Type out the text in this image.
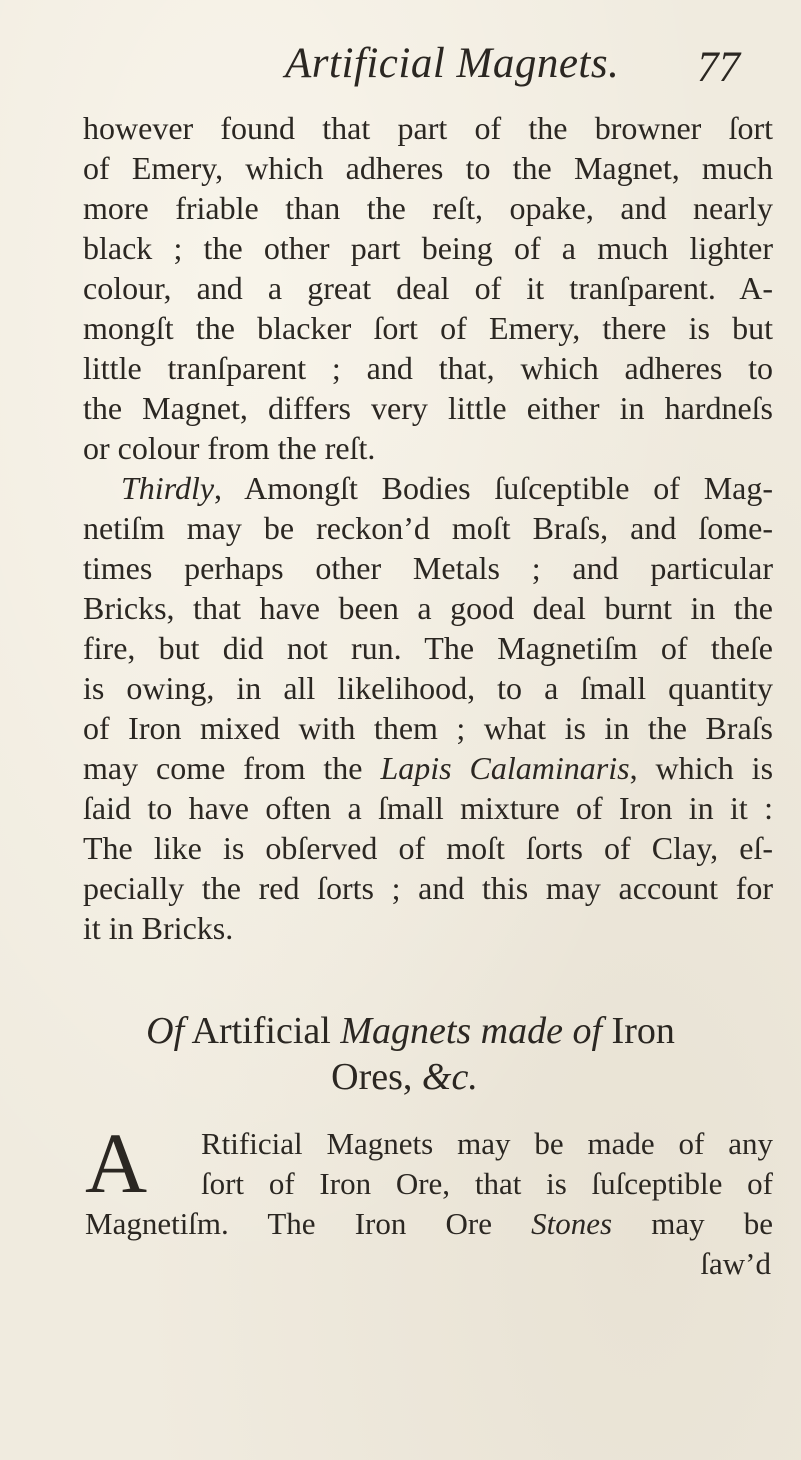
Artificial Magnets. 77
however found that part of the browner ſort
of Emery, which adheres to the Magnet, much
more friable than the reſt, opake, and nearly
black ; the other part being of a much lighter
colour, and a great deal of it tranſparent. A-
mongſt the blacker ſort of Emery, there is but
little tranſparent ; and that, which adheres to
the Magnet, differs very little either in hardneſs
or colour from the reſt.
Thirdly, Amongſt Bodies ſuſceptible of Mag-
netiſm may be reckon’d moſt Braſs, and ſome-
times perhaps other Metals ; and particular
Bricks, that have been a good deal burnt in the
fire, but did not run. The Magnetiſm of theſe
is owing, in all likelihood, to a ſmall quantity
of Iron mixed with them ; what is in the Braſs
may come from the Lapis Calaminaris, which is
ſaid to have often a ſmall mixture of Iron in it :
The like is obſerved of moſt ſorts of Clay, eſ-
pecially the red ſorts ; and this may account for
it in Bricks.
Of Artificial Magnets made of Iron
Ores, &c.
A	Rtificial Magnets may be made of any
ſort of Iron Ore, that is ſuſceptible of
Magnetiſm. The Iron Ore Stones may be
ſaw’d
